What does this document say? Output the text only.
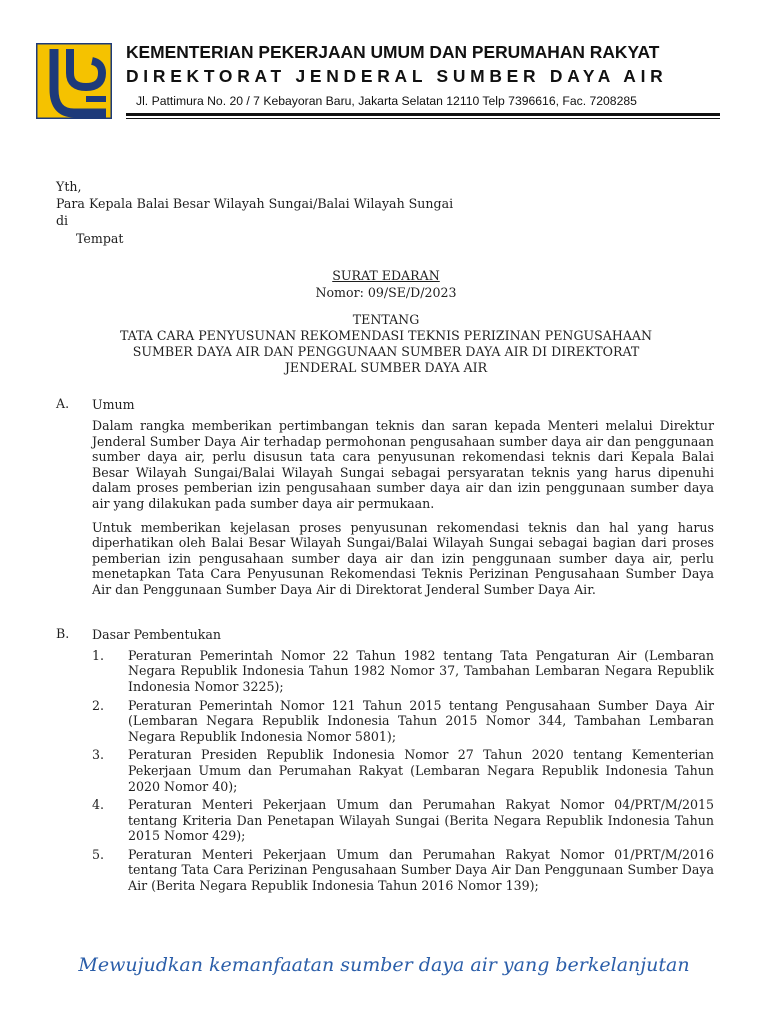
KEMENTERIAN PEKERJAAN UMUM DAN PERUMAHAN RAKYAT
DIREKTORAT JENDERAL SUMBER DAYA AIR
Jl. Pattimura No. 20 / 7 Kebayoran Baru, Jakarta Selatan 12110 Telp 7396616, Fac. 7208285
Yth,
Para Kepala Balai Besar Wilayah Sungai/Balai Wilayah Sungai
di
Tempat
SURAT EDARAN
Nomor: 09/SE/D/2023
TENTANG
TATA CARA PENYUSUNAN REKOMENDASI TEKNIS PERIZINAN PENGUSAHAAN
SUMBER DAYA AIR DAN PENGGUNAAN SUMBER DAYA AIR DI DIREKTORAT
JENDERAL SUMBER DAYA AIR
A.	Umum

Dalam rangka memberikan pertimbangan teknis dan saran kepada Menteri melalui Direktur Jenderal Sumber Daya Air terhadap permohonan pengusahaan sumber daya air dan penggunaan sumber daya air, perlu disusun tata cara penyusunan rekomendasi teknis dari Kepala Balai Besar Wilayah Sungai/Balai Wilayah Sungai sebagai persyaratan teknis yang harus dipenuhi dalam proses pemberian izin pengusahaan sumber daya air dan izin penggunaan sumber daya air yang dilakukan pada sumber daya air permukaan.

Untuk memberikan kejelasan proses penyusunan rekomendasi teknis dan hal yang harus diperhatikan oleh Balai Besar Wilayah Sungai/Balai Wilayah Sungai sebagai bagian dari proses pemberian izin pengusahaan sumber daya air dan izin penggunaan sumber daya air, perlu menetapkan Tata Cara Penyusunan Rekomendasi Teknis Perizinan Pengusahaan Sumber Daya Air dan Penggunaan Sumber Daya Air di Direktorat Jenderal Sumber Daya Air.

B.	Dasar Pembentukan
1.	Peraturan Pemerintah Nomor 22 Tahun 1982 tentang Tata Pengaturan Air (Lembaran Negara Republik Indonesia Tahun 1982 Nomor 37, Tambahan Lembaran Negara Republik Indonesia Nomor 3225);
2.	Peraturan Pemerintah Nomor 121 Tahun 2015 tentang Pengusahaan Sumber Daya Air (Lembaran Negara Republik Indonesia Tahun 2015 Nomor 344, Tambahan Lembaran Negara Republik Indonesia Nomor 5801);
3.	Peraturan Presiden Republik Indonesia Nomor 27 Tahun 2020 tentang Kementerian Pekerjaan Umum dan Perumahan Rakyat (Lembaran Negara Republik Indonesia Tahun 2020 Nomor 40);
4.	Peraturan Menteri Pekerjaan Umum dan Perumahan Rakyat Nomor 04/PRT/M/2015 tentang Kriteria Dan Penetapan Wilayah Sungai (Berita Negara Republik Indonesia Tahun 2015 Nomor 429);
5.	Peraturan Menteri Pekerjaan Umum dan Perumahan Rakyat Nomor 01/PRT/M/2016 tentang Tata Cara Perizinan Pengusahaan Sumber Daya Air Dan Penggunaan Sumber Daya Air (Berita Negara Republik Indonesia Tahun 2016 Nomor 139);
Mewujudkan kemanfaatan sumber daya air yang berkelanjutan
